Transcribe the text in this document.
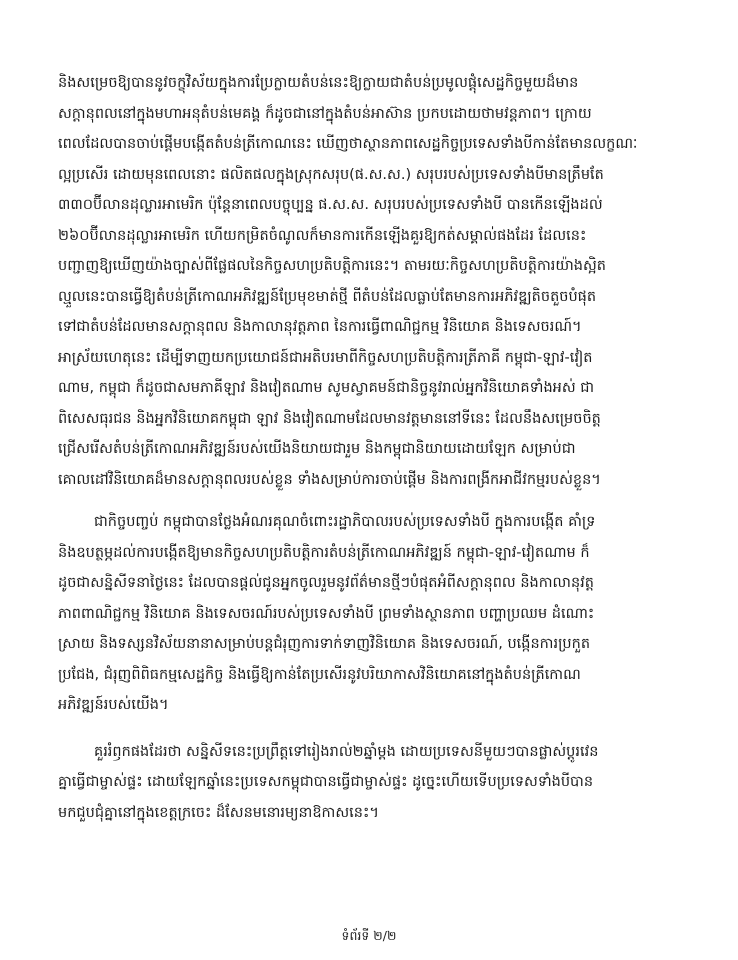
និងសម្រេចឱ្យបាននូវចក្ខុវិស័យក្នុងការប្រែក្លាយតំបន់នេះឱ្យក្លាយជាតំបន់ប្រមូលផ្ដុំសេដ្ឋកិច្ចមួយដ៏មាន
សក្ដានុពលនៅក្នុងមហាអនុតំបន់មេគង្គ ក៏ដូចជានៅក្នុងតំបន់អាស៊ាន ប្រកបដោយថាមវន្តភាព។ ក្រោយ
ពេលដែលបានចាប់ផ្ដើមបង្កើតតំបន់ត្រីកោណនេះ ឃើញថាស្ថានភាពសេដ្ឋកិច្ចប្រទេសទាំងបីកាន់តែមានលក្ខណៈ
ល្អប្រសើរ ដោយមុនពេលនោះ ផលិតផលក្នុងស្រុកសរុប(ផ.ស.ស.) សរុបរបស់ប្រទេសទាំងបីមានត្រឹមតែ
៣៣០ប៊ីលានដុល្លារអាមេរិក ប៉ុន្តែនាពេលបច្ចុប្បន្ន ផ.ស.ស. សរុបរបស់ប្រទេសទាំងបី បានកើនឡើងដល់
២៦០ប៊ីលានដុល្លារអាមេរិក ហើយកម្រិតចំណូលក៏មានការកើនឡើងគួរឱ្យកត់សម្គាល់ផងដែរ ដែលនេះ
បញ្ជាញឱ្យឃើញយ៉ាងច្បាស់ពីផ្លែផលនៃកិច្ចសហប្រតិបត្តិការនេះ។ តាមរយៈកិច្ចសហប្រតិបត្តិការយ៉ាងស្អិត
ល្មួលនេះបានធ្វើឱ្យតំបន់ត្រីកោណអភិវឌ្ឍន៍ប្រែមុខមាត់ថ្មី ពីតំបន់ដែលធ្លាប់តែមានការអភិវឌ្ឍតិចតួចបំផុត
ទៅជាតំបន់ដែលមានសក្ដានុពល និងកាលានុវត្តភាព នៃការធ្វើពាណិជ្ជកម្ម វិនិយោគ និងទេសចរណ៍។
អាស្រ័យហេតុនេះ ដើម្បីទាញយកប្រយោជន៍ជាអតិបរមាពីកិច្ចសហប្រតិបត្តិការត្រីភាគី កម្ពុជា-ឡាវ-វៀត
ណាម, កម្ពុជា ក៏ដូចជាសមភាគីឡាវ និងវៀតណាម សូមស្វាគមន៍ជានិច្ចនូវរាល់អ្នកវិនិយោគទាំងអស់ ជា
ពិសេសធុរជន និងអ្នកវិនិយោគកម្ពុជា ឡាវ និងវៀតណាមដែលមានវត្តមាននៅទីនេះ ដែលនឹងសម្រេចចិត្ត
ជ្រើសរើសតំបន់ត្រីកោណអភិវឌ្ឍន៍របស់យើងនិយាយជារួម និងកម្ពុជានិយាយដោយឡែក សម្រាប់ជា
គោលដៅវិនិយោគដ៏មានសក្ដានុពលរបស់ខ្លួន ទាំងសម្រាប់ការចាប់ផ្ដើម និងការពង្រីកអាជីវកម្មរបស់ខ្លួន។
ជាកិច្ចបញ្ចប់ កម្ពុជាបានថ្លែងអំណរគុណចំពោះរដ្ឋាភិបាលរបស់ប្រទេសទាំងបី ក្នុងការបង្កើត គាំទ្រ
និងឧបត្ថម្ភដល់ការបង្កើតឱ្យមានកិច្ចសហប្រតិបត្តិការតំបន់ត្រីកោណអភិវឌ្ឍន៍ កម្ពុជា-ឡាវ-វៀតណាម ក៏
ដូចជាសន្និសីទនាថ្ងៃនេះ ដែលបានផ្ដល់ជូនអ្នកចូលរួមនូវព័ត៌មានថ្មីៗបំផុតអំពីសក្ដានុពល និងកាលានុវត្ត
ភាពពាណិជ្ជកម្ម វិនិយោគ និងទេសចរណ៍របស់ប្រទេសទាំងបី ព្រមទាំងស្ថានភាព បញ្ហាប្រឈម ដំណោះ
ស្រាយ និងទស្សនវិស័យនានាសម្រាប់បន្តជំរុញការទាក់ទាញវិនិយោគ និងទេសចរណ៍, បង្កើនការប្រកួត
ប្រជែង, ជំរុញពិពិធកម្មសេដ្ឋកិច្ច និងធ្វើឱ្យកាន់តែប្រសើរនូវបរិយាកាសវិនិយោគនៅក្នុងតំបន់ត្រីកោណ
អភិវឌ្ឍន៍របស់យើង។
គួររំឭកផងដែរថា សន្និសីទនេះប្រព្រឹត្តទៅរៀងរាល់២ឆ្នាំម្ដង ដោយប្រទេសនីមួយៗបានផ្លាស់ប្ដូរវេន
គ្នាធ្វើជាម្ចាស់ផ្ទះ ដោយឡែកឆ្នាំនេះប្រទេសកម្ពុជាបានធ្វើជាម្ចាស់ផ្ទះ ដូច្នេះហើយទើបប្រទេសទាំងបីបាន
មកជួបជុំគ្នានៅក្នុងខេត្តក្រចេះ ដ៏សែនមនោរម្យនាឱកាសនេះ។
ទំព័រទី ២/២
